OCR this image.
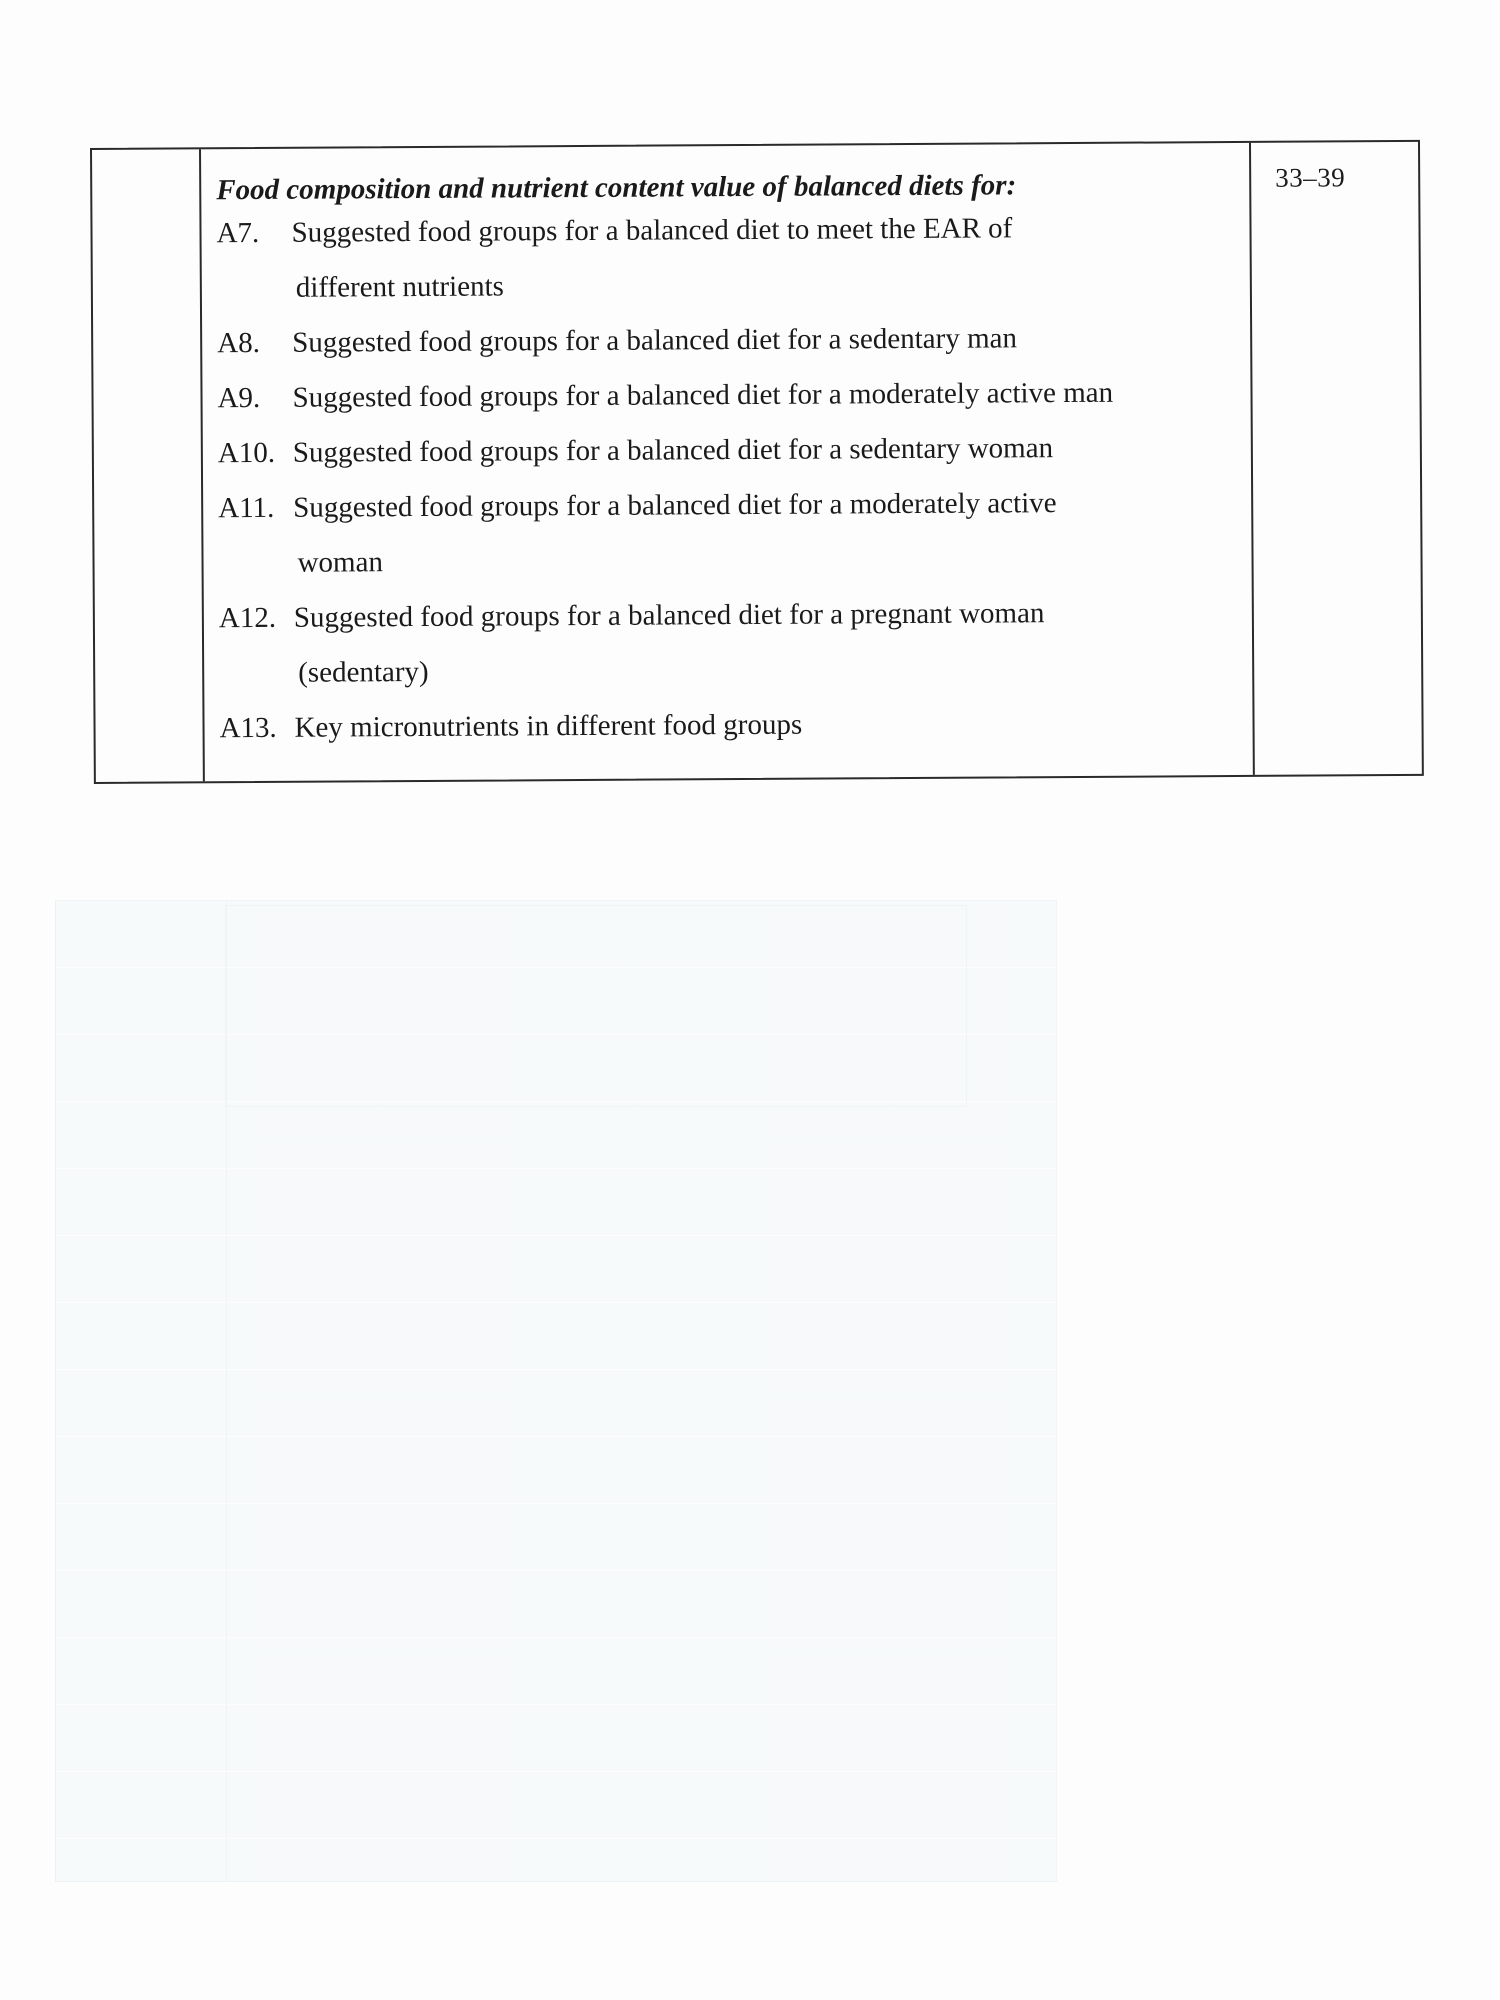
Food composition and nutrient content value of balanced diets for:
A7.	Suggested food groups for a balanced diet to meet the EAR of
different nutrients
A8.	Suggested food groups for a balanced diet for a sedentary man
A9.	Suggested food groups for a balanced diet for a moderately active man
A10. Suggested food groups for a balanced diet for a sedentary woman
A11. Suggested food groups for a balanced diet for a moderately active
woman
A12. Suggested food groups for a balanced diet for a pregnant woman
(sedentary)
A13. Key micronutrients in different food groups
33–39
